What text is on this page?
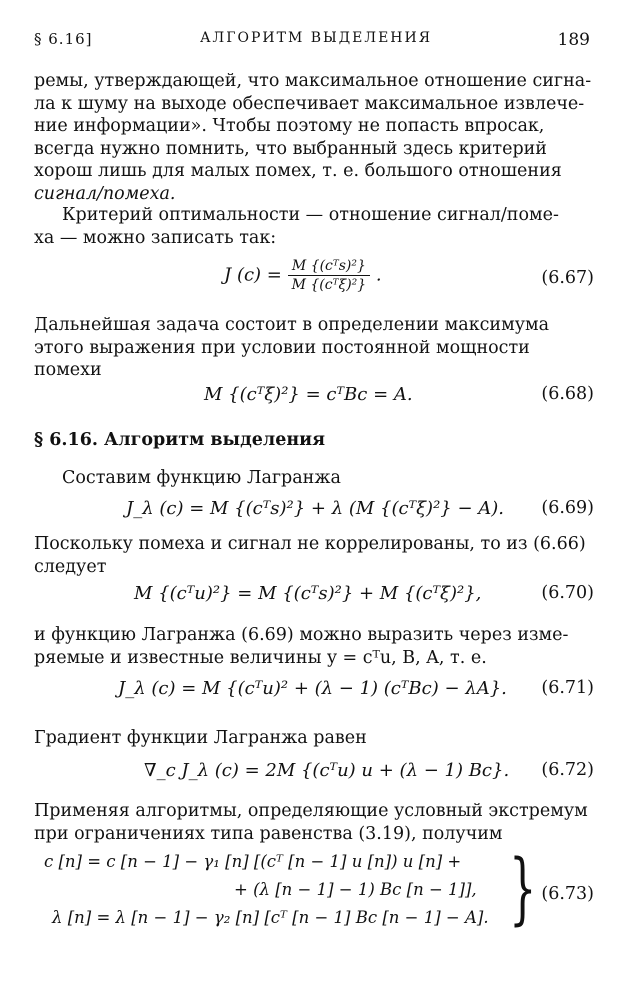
§ 6.16]	АЛГОРИТМ ВЫДЕЛЕНИЯ	189
ремы, утверждающей, что максимальное отношение сигна-
ла к шуму на выходе обеспечивает максимальное извлече-
ние информации». Чтобы поэтому не попасть впросак,
всегда нужно помнить, что выбранный здесь критерий
хорош лишь для малых помех, т. е. большого отношения
сигнал/помеха.
Критерий оптимальности — отношение сигнал/поме-
ха — можно записать так:
J $(c) = \frac{\text{M \{(cᵀs)²\}}}{\text{M \{(cᵀξ)²\}}}$ .	(6.67)
Дальнейшая задача состоит в определении максимума
этого выражения при условии постоянной мощности
помехи
M {(cᵀξ)²} = cᵀBc = A.	(6.68)
§ 6.16. Алгоритм выделения
Составим функцию Лагранжа
J_λ (c) = M {(cᵀs)²} + λ (M {(cᵀξ)²} − A). (6.69)
Поскольку помеха и сигнал не коррелированы, то из (6.66)
следует
M {(cᵀu)²} = M {(cᵀs)²} + M {(cᵀξ)²},	(6.70)
и функцию Лагранжа (6.69) можно выразить через изме-
ряемые и известные величины y = cᵀu, B, A, т. е.
J_λ (c) = M {(cᵀu)² + (λ − 1) (cᵀBc) − λA}. (6.71)
Градиент функции Лагранжа равен
∇_c J_λ (c) = 2M {(cᵀu) u + (λ − 1) Bc}. (6.72)
Применяя алгоритмы, определяющие условный экстремум
при ограничениях типа равенства (3.19), получим
c [n] = c [n − 1] − γ₁ [n] [(cᵀ [n − 1] u [n]) u [n] +
+ (λ [n − 1] − 1) Bc [n − 1]],
λ [n] = λ [n − 1] − γ₂ [n] [cᵀ [n − 1] Bc [n − 1] − A]. } (6.73)
